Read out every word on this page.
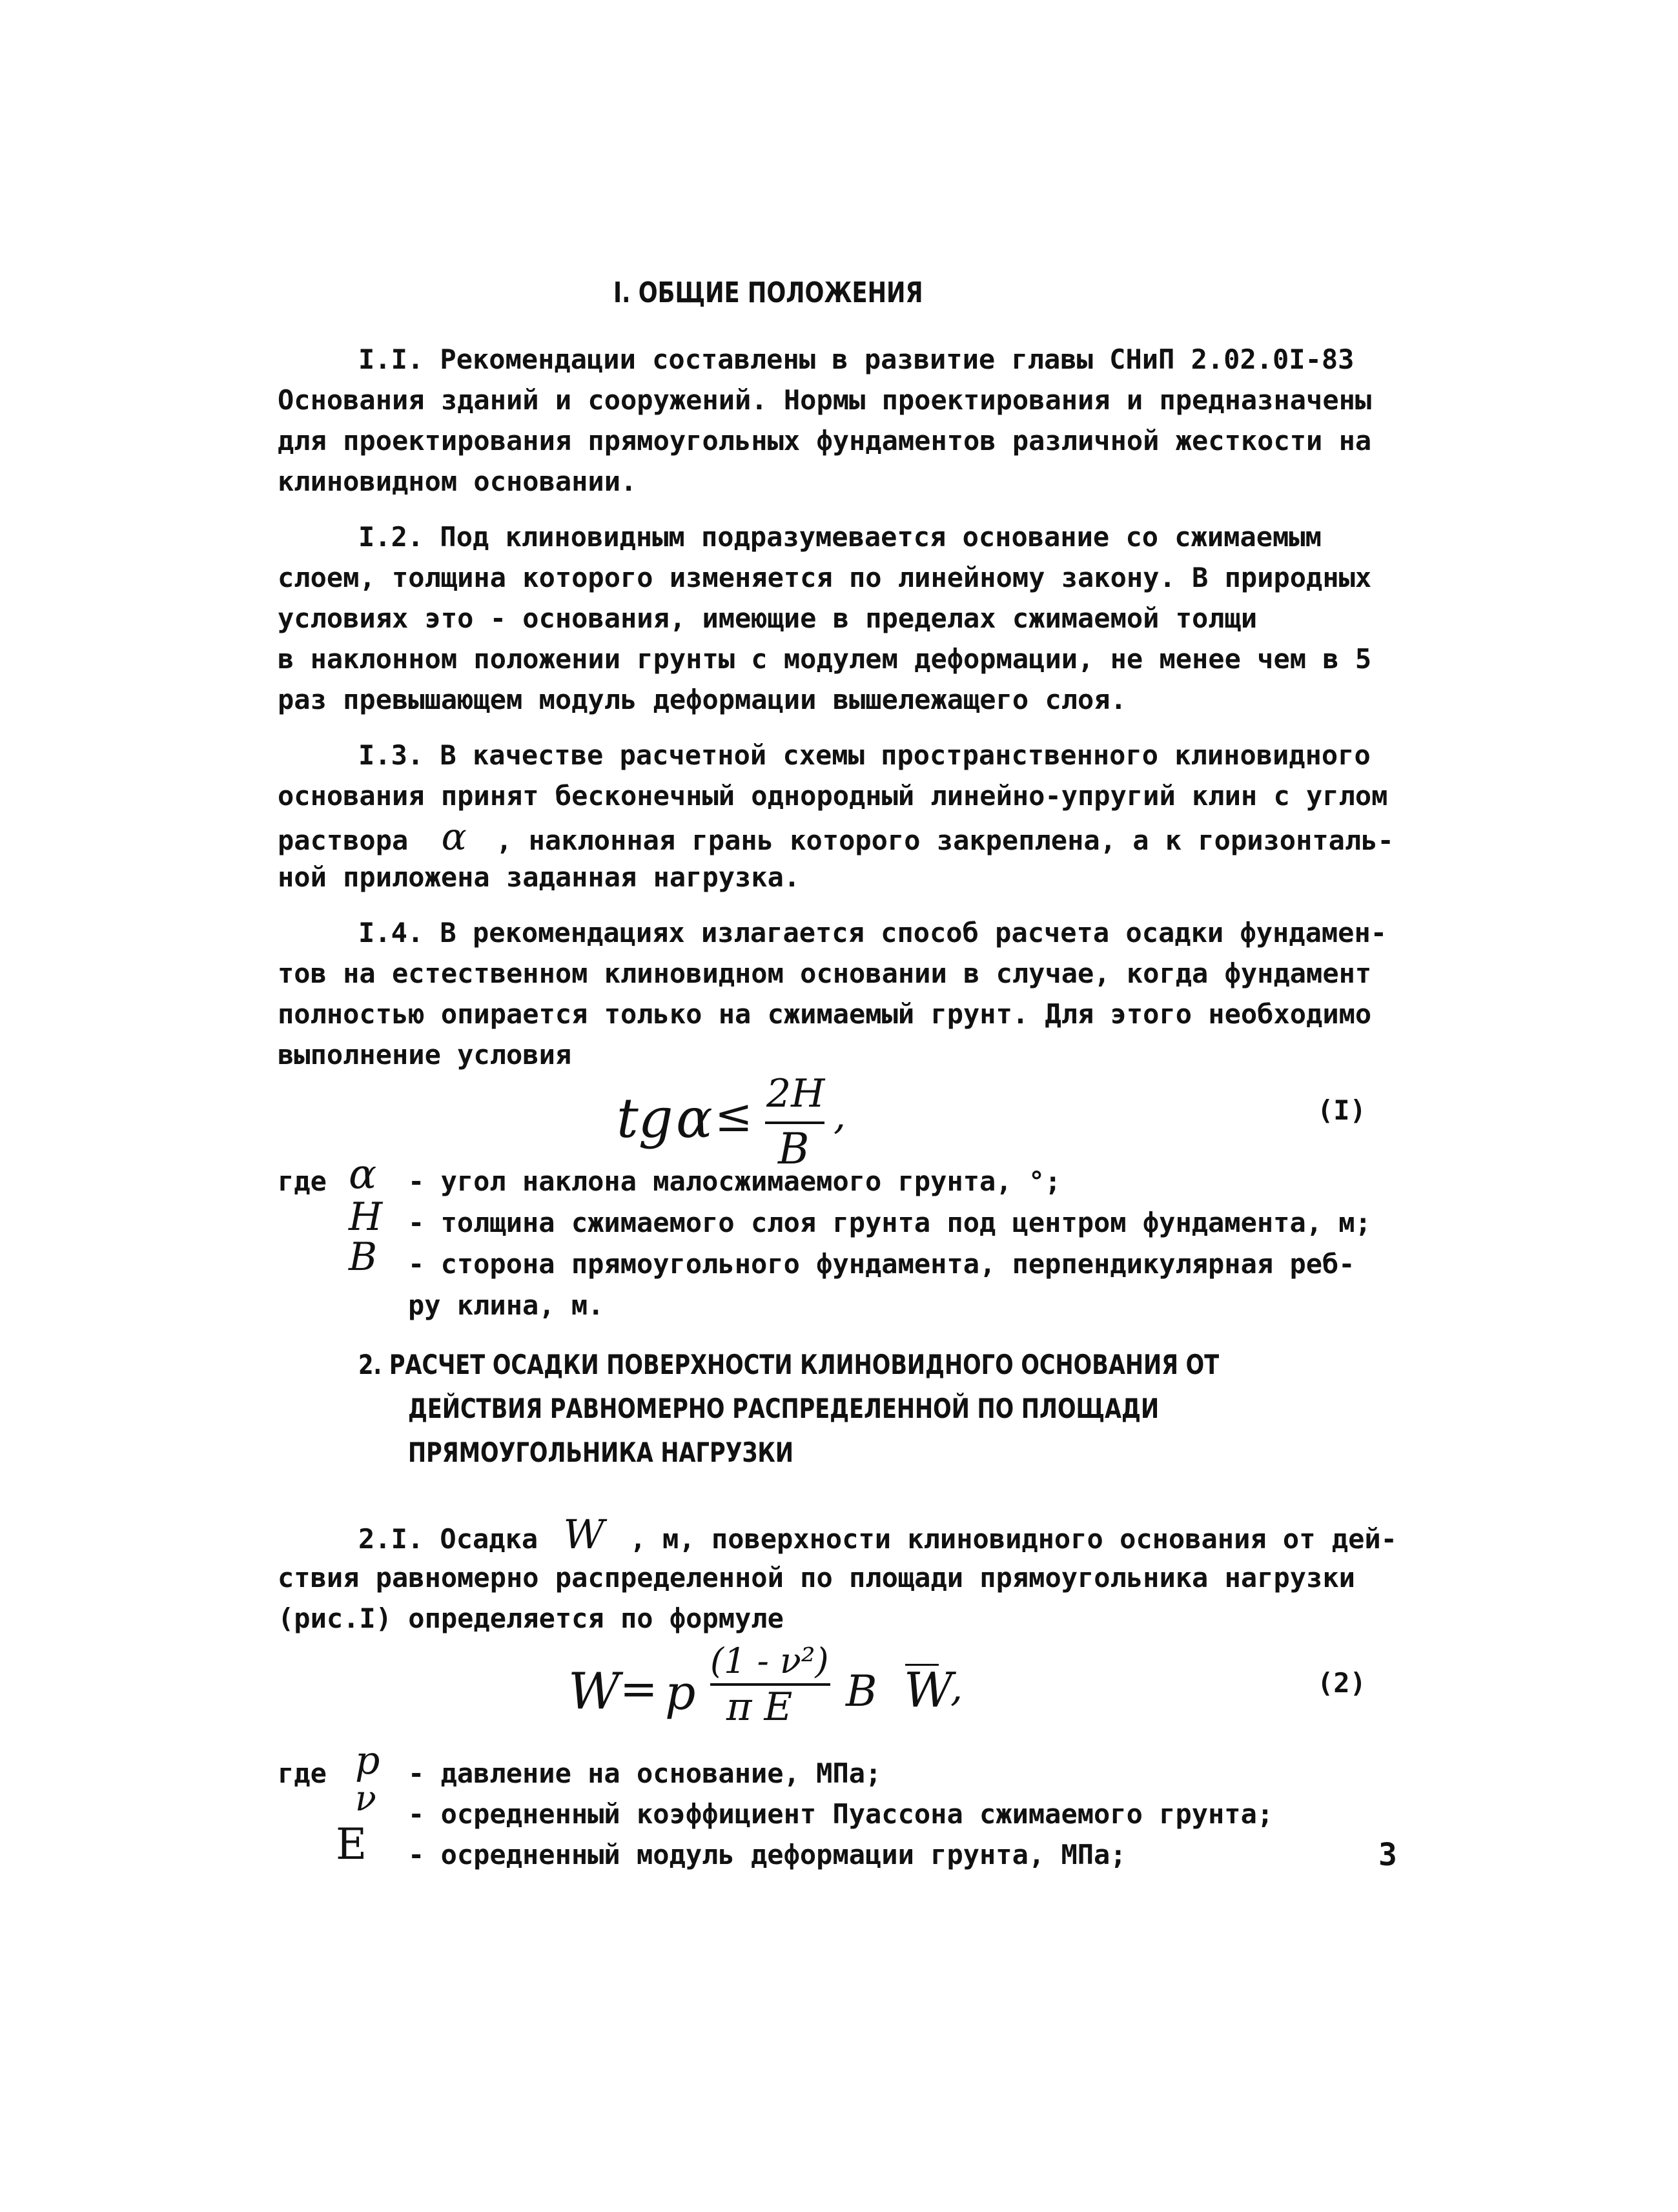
I. ОБЩИЕ ПОЛОЖЕНИЯ
I.I. Рекомендации составлены в развитие главы СНиП 2.02.0I-83
Основания зданий и сооружений. Нормы проектирования и предназначены
для проектирования прямоугольных фундаментов различной жесткости на
клиновидном основании.
I.2. Под клиновидным подразумевается основание со сжимаемым
слоем, толщина которого изменяется по линейному закону. В природных
условиях это - основания, имеющие в пределах сжимаемой толщи
в наклонном положении грунты с модулем деформации, не менее чем в 5
раз превышающем модуль деформации вышележащего слоя.
I.3. В качестве расчетной схемы пространственного клиновидного
основания принят бесконечный однородный линейно-упругий клин с углом
раствора α , наклонная грань которого закреплена, а к горизонталь-
ной приложена заданная нагрузка.
I.4. В рекомендациях излагается способ расчета осадки фундамен-
тов на естественном клиновидном основании в случае, когда фундамент
полностью опирается только на сжимаемый грунт. Для этого необходимо
выполнение условия
tg α ≤ 2H
B
,	(I)
где α - угол наклона малосжимаемого грунта, °;
H - толщина сжимаемого слоя грунта под центром фундамента, м;
B - сторона прямоугольного фундамента, перпендикулярная реб-
ру клина, м.
2. РАСЧЕТ ОСАДКИ ПОВЕРХНОСТИ КЛИНОВИДНОГО ОСНОВАНИЯ ОТ
ДЕЙСТВИЯ РАВНОМЕРНО РАСПРЕДЕЛЕННОЙ ПО ПЛОЩАДИ
ПРЯМОУГОЛЬНИКА НАГРУЗКИ
2.I. Осадка W , м, поверхности клиновидного основания от дей-
ствия равномерно распределенной по площади прямоугольника нагрузки
(рис.I) определяется по формуле
W = p
(1 - ν²)
π E B W
,	(2)
где p - давление на основание, МПа;
ν - осредненный коэффициент Пуассона сжимаемого грунта;
E - осредненный модуль деформации грунта, МПа;	3
